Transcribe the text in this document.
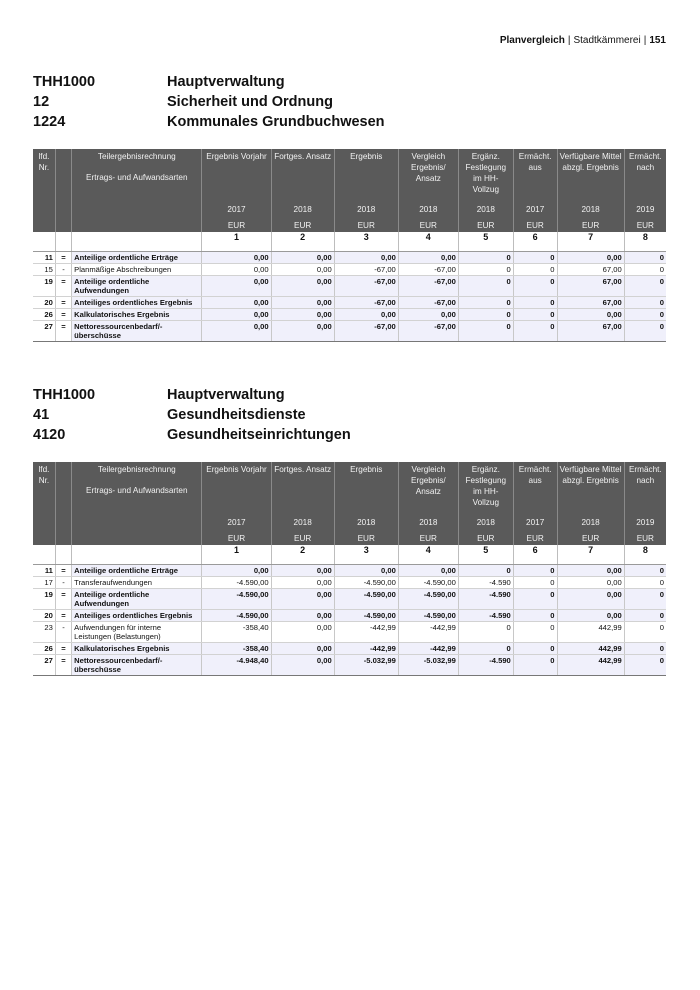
Planvergleich | Stadtkämmerei | 151
THH1000	Hauptverwaltung
12	Sicherheit und Ordnung
1224	Kommunales Grundbuchwesen
lfd. Nr.		Teilergebnisrechnung
Ertrags- und Aufwandsarten	Ergebnis Vorjahr	Fortges. Ansatz	Ergebnis	Vergleich Ergebnis/ Ansatz	Ergänz. Festlegung im HH-Vollzug	Ermächt. aus	Verfügbare Mittel abzgl. Ergebnis	Ermächt. nach
			2017	2018	2018	2018	2018	2017	2018	2019
			EUR	EUR	EUR	EUR	EUR	EUR	EUR	EUR
			1	2	3	4	5	6	7	8
11	=	Anteilige ordentliche Erträge	0,00	0,00	0,00	0,00	0	0	0,00	0
15	-	Planmäßige Abschreibungen	0,00	0,00	-67,00	-67,00	0	0	67,00	0
19	=	Anteilige ordentliche Aufwendungen	0,00	0,00	-67,00	-67,00	0	0	67,00	0
20	=	Anteiliges ordentliches Ergebnis	0,00	0,00	-67,00	-67,00	0	0	67,00	0
26	=	Kalkulatorisches Ergebnis	0,00	0,00	0,00	0,00	0	0	0,00	0
27	=	Nettoressourcenbedarf/-überschüsse	0,00	0,00	-67,00	-67,00	0	0	67,00	0
THH1000	Hauptverwaltung
41	Gesundheitsdienste
4120	Gesundheitseinrichtungen
lfd. Nr.		Teilergebnisrechnung
Ertrags- und Aufwandsarten	Ergebnis Vorjahr	Fortges. Ansatz	Ergebnis	Vergleich Ergebnis/ Ansatz	Ergänz. Festlegung im HH-Vollzug	Ermächt. aus	Verfügbare Mittel abzgl. Ergebnis	Ermächt. nach
			2017	2018	2018	2018	2018	2017	2018	2019
			EUR	EUR	EUR	EUR	EUR	EUR	EUR	EUR
			1	2	3	4	5	6	7	8
11	=	Anteilige ordentliche Erträge	0,00	0,00	0,00	0,00	0	0	0,00	0
17	-	Transferaufwendungen	-4.590,00	0,00	-4.590,00	-4.590,00	-4.590	0	0,00	0
19	=	Anteilige ordentliche Aufwendungen	-4.590,00	0,00	-4.590,00	-4.590,00	-4.590	0	0,00	0
20	=	Anteiliges ordentliches Ergebnis	-4.590,00	0,00	-4.590,00	-4.590,00	-4.590	0	0,00	0
23	-	Aufwendungen für interne Leistungen (Belastungen)	-358,40	0,00	-442,99	-442,99	0	0	442,99	0
26	=	Kalkulatorisches Ergebnis	-358,40	0,00	-442,99	-442,99	0	0	442,99	0
27	=	Nettoressourcenbedarf/-überschüsse	-4.948,40	0,00	-5.032,99	-5.032,99	-4.590	0	442,99	0
